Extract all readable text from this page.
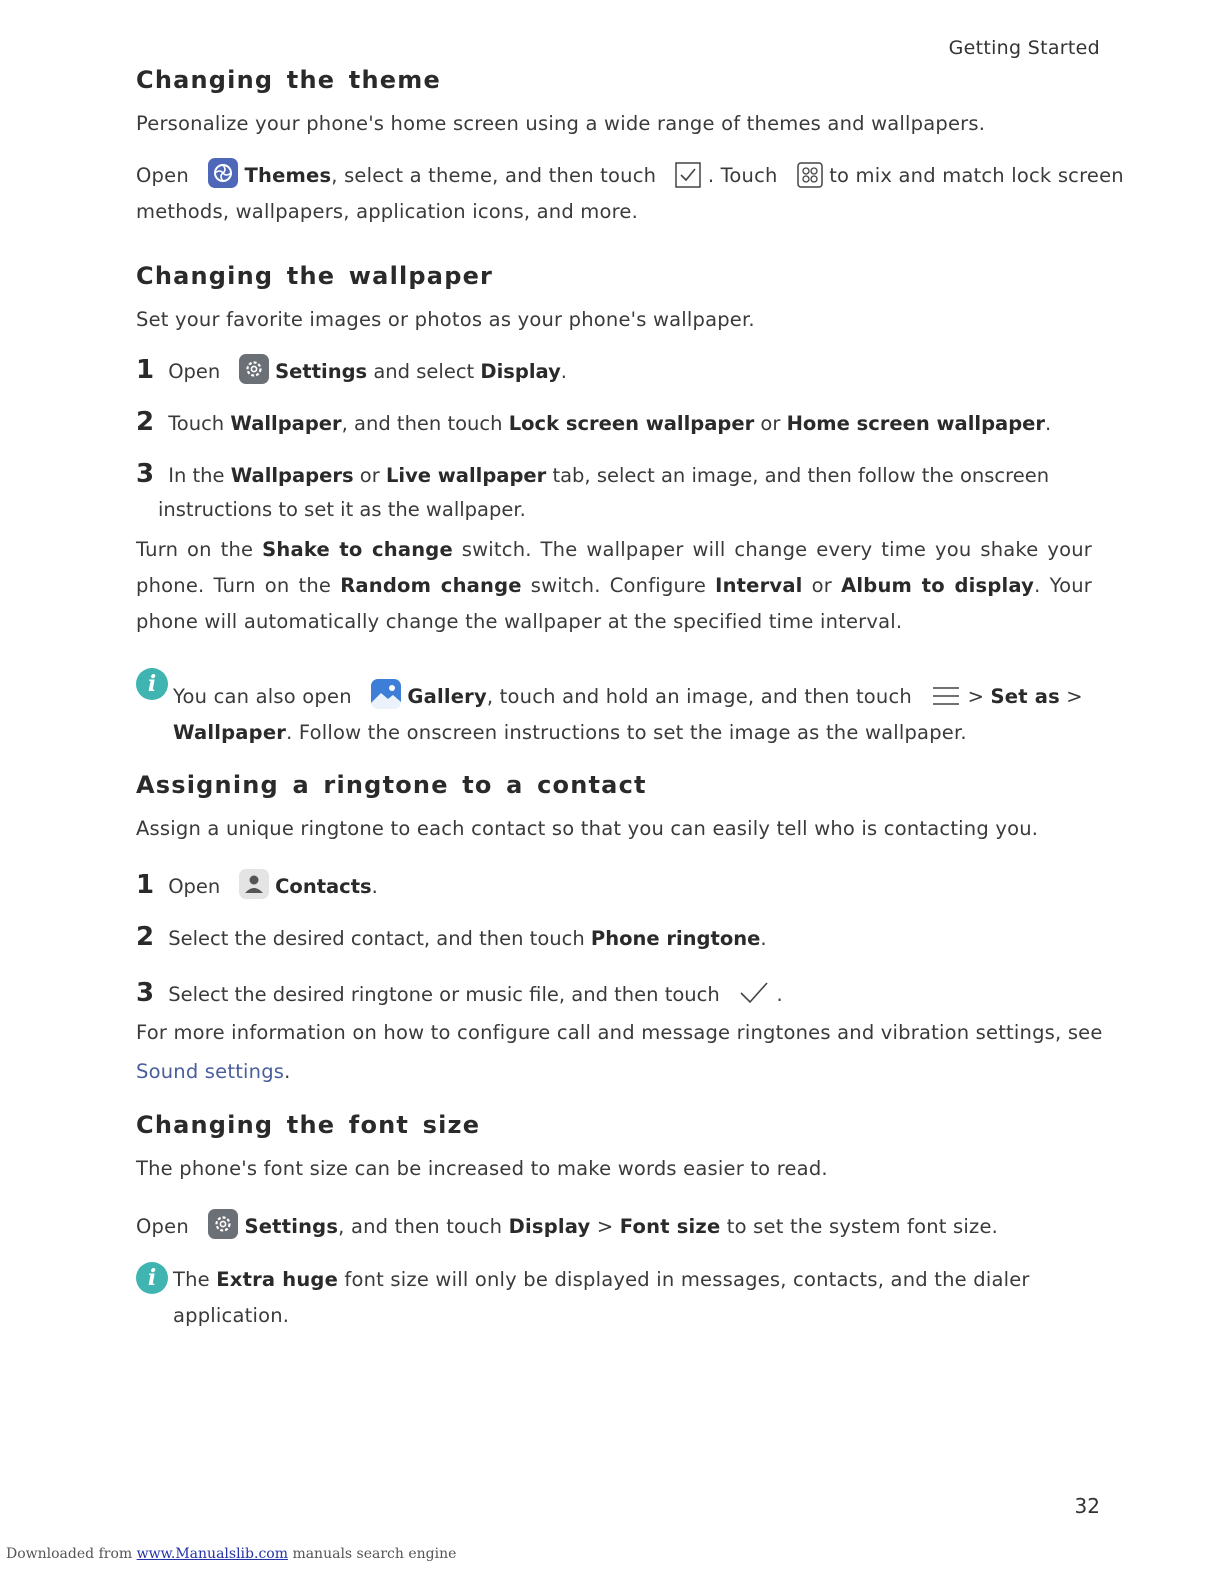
Getting Started
Changing the theme
Personalize your phone's home screen using a wide range of themes and wallpapers.
Open	Themes, select a theme, and then touch	. Touch	to mix and match lock screen
methods, wallpapers, application icons, and more.
Changing the wallpaper
Set your favorite images or photos as your phone's wallpaper.
1 Open	Settings and select Display.
2 Touch Wallpaper, and then touch Lock screen wallpaper or Home screen wallpaper.
3 In the Wallpapers or Live wallpaper tab, select an image, and then follow the onscreen
instructions to set it as the wallpaper.
Turn on the Shake to change switch. The wallpaper will change every time you shake your phone. Turn on the Random change switch. Configure Interval or Album to display. Your phone will automatically change the wallpaper at the specified time interval.
i You can also open	Gallery, touch and hold an image, and then touch	> Set as >
Wallpaper. Follow the onscreen instructions to set the image as the wallpaper.
Assigning a ringtone to a contact
Assign a unique ringtone to each contact so that you can easily tell who is contacting you.
1 Open	Contacts.
2 Select the desired contact, and then touch Phone ringtone.
3 Select the desired ringtone or music file, and then touch	.
For more information on how to configure call and message ringtones and vibration settings, see
Sound settings.
Changing the font size
The phone's font size can be increased to make words easier to read.
Open	Settings, and then touch Display > Font size to set the system font size.
i The Extra huge font size will only be displayed in messages, contacts, and the dialer
application.
32
Downloaded from www.Manualslib.com manuals search engine
